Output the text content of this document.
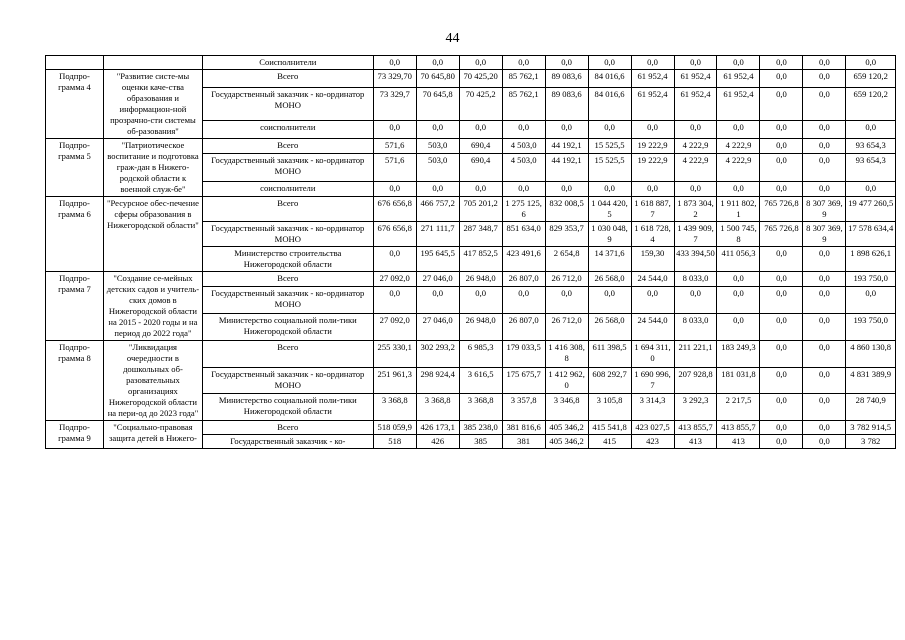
44
		Соисполнители	0,0	0,0	0,0	0,0	0,0	0,0	0,0	0,0	0,0	0,0	0,0	0,0
Подпро-грамма 4	"Развитие систе-мы оценки каче-ства образования и информацион-ной прозрачно-сти системы об-разования"	Всего	73 329,70	70 645,80	70 425,20	85 762,1	89 083,6	84 016,6	61 952,4	61 952,4	61 952,4	0,0	0,0	659 120,2
		Государственный заказчик - ко-ординатор МОНО	73 329,7	70 645,8	70 425,2	85 762,1	89 083,6	84 016,6	61 952,4	61 952,4	61 952,4	0,0	0,0	659 120,2
		соисполнители	0,0	0,0	0,0	0,0	0,0	0,0	0,0	0,0	0,0	0,0	0,0	0,0
Подпро-грамма 5	"Патриотическое воспитание и подготовка граж-дан в Нижего-родской области к военной служ-бе"	Всего	571,6	503,0	690,4	4 503,0	44 192,1	15 525,5	19 222,9	4 222,9	4 222,9	0,0	0,0	93 654,3
		Государственный заказчик - ко-ординатор МОНО	571,6	503,0	690,4	4 503,0	44 192,1	15 525,5	19 222,9	4 222,9	4 222,9	0,0	0,0	93 654,3
		соисполнители	0,0	0,0	0,0	0,0	0,0	0,0	0,0	0,0	0,0	0,0	0,0	0,0
Подпро-грамма 6	"Ресурсное обес-печение сферы образования в Нижегородской области"	Всего	676 656,8	466 757,2	705 201,2	1 275 125,6	832 008,5	1 044 420,5	1 618 887,7	1 873 304,2	1 911 802,1	765 726,8	8 307 369,9	19 477 260,5
		Государственный заказчик - ко-ординатор МОНО	676 656,8	271 111,7	287 348,7	851 634,0	829 353,7	1 030 048,9	1 618 728,4	1 439 909,7	1 500 745,8	765 726,8	8 307 369,9	17 578 634,4
		Министерство строительства Нижегородской области	0,0	195 645,5	417 852,5	423 491,6	2 654,8	14 371,6	159,30	433 394,50	411 056,3	0,0	0,0	1 898 626,1
Подпро-грамма 7	"Создание се-мейных детских садов и учитель-ских домов в Нижегородской области на 2015 - 2020 годы и на период до 2022 года"	Всего	27 092,0	27 046,0	26 948,0	26 807,0	26 712,0	26 568,0	24 544,0	8 033,0	0,0	0,0	0,0	193 750,0
		Государственный заказчик - ко-ординатор МОНО	0,0	0,0	0,0	0,0	0,0	0,0	0,0	0,0	0,0	0,0	0,0	0,0
		Министерство социальной поли-тики Нижегородской области	27 092,0	27 046,0	26 948,0	26 807,0	26 712,0	26 568,0	24 544,0	8 033,0	0,0	0,0	0,0	193 750,0
Подпро-грамма 8	"Ликвидация очередности в дошкольных об-разовательных организациях Нижегородской области на пери-од до 2023 года"	Всего	255 330,1	302 293,2	6 985,3	179 033,5	1 416 308,8	611 398,5	1 694 311,0	211 221,1	183 249,3	0,0	0,0	4 860 130,8
		Государственный заказчик - ко-ординатор МОНО	251 961,3	298 924,4	3 616,5	175 675,7	1 412 962,0	608 292,7	1 690 996,7	207 928,8	181 031,8	0,0	0,0	4 831 389,9
		Министерство социальной поли-тики Нижегородской области	3 368,8	3 368,8	3 368,8	3 357,8	3 346,8	3 105,8	3 314,3	3 292,3	2 217,5	0,0	0,0	28 740,9
Подпро-грамма 9	"Социально-правовая защита детей в Нижего-	Всего	518 059,9	426 173,1	385 238,0	381 816,6	405 346,2	415 541,8	423 027,5	413 855,7	413 855,7	0,0	0,0	3 782 914,5
		Государственный заказчик - ко-	518	426	385	381	405 346,2	415	423	413	413	0,0	0,0	3 782
